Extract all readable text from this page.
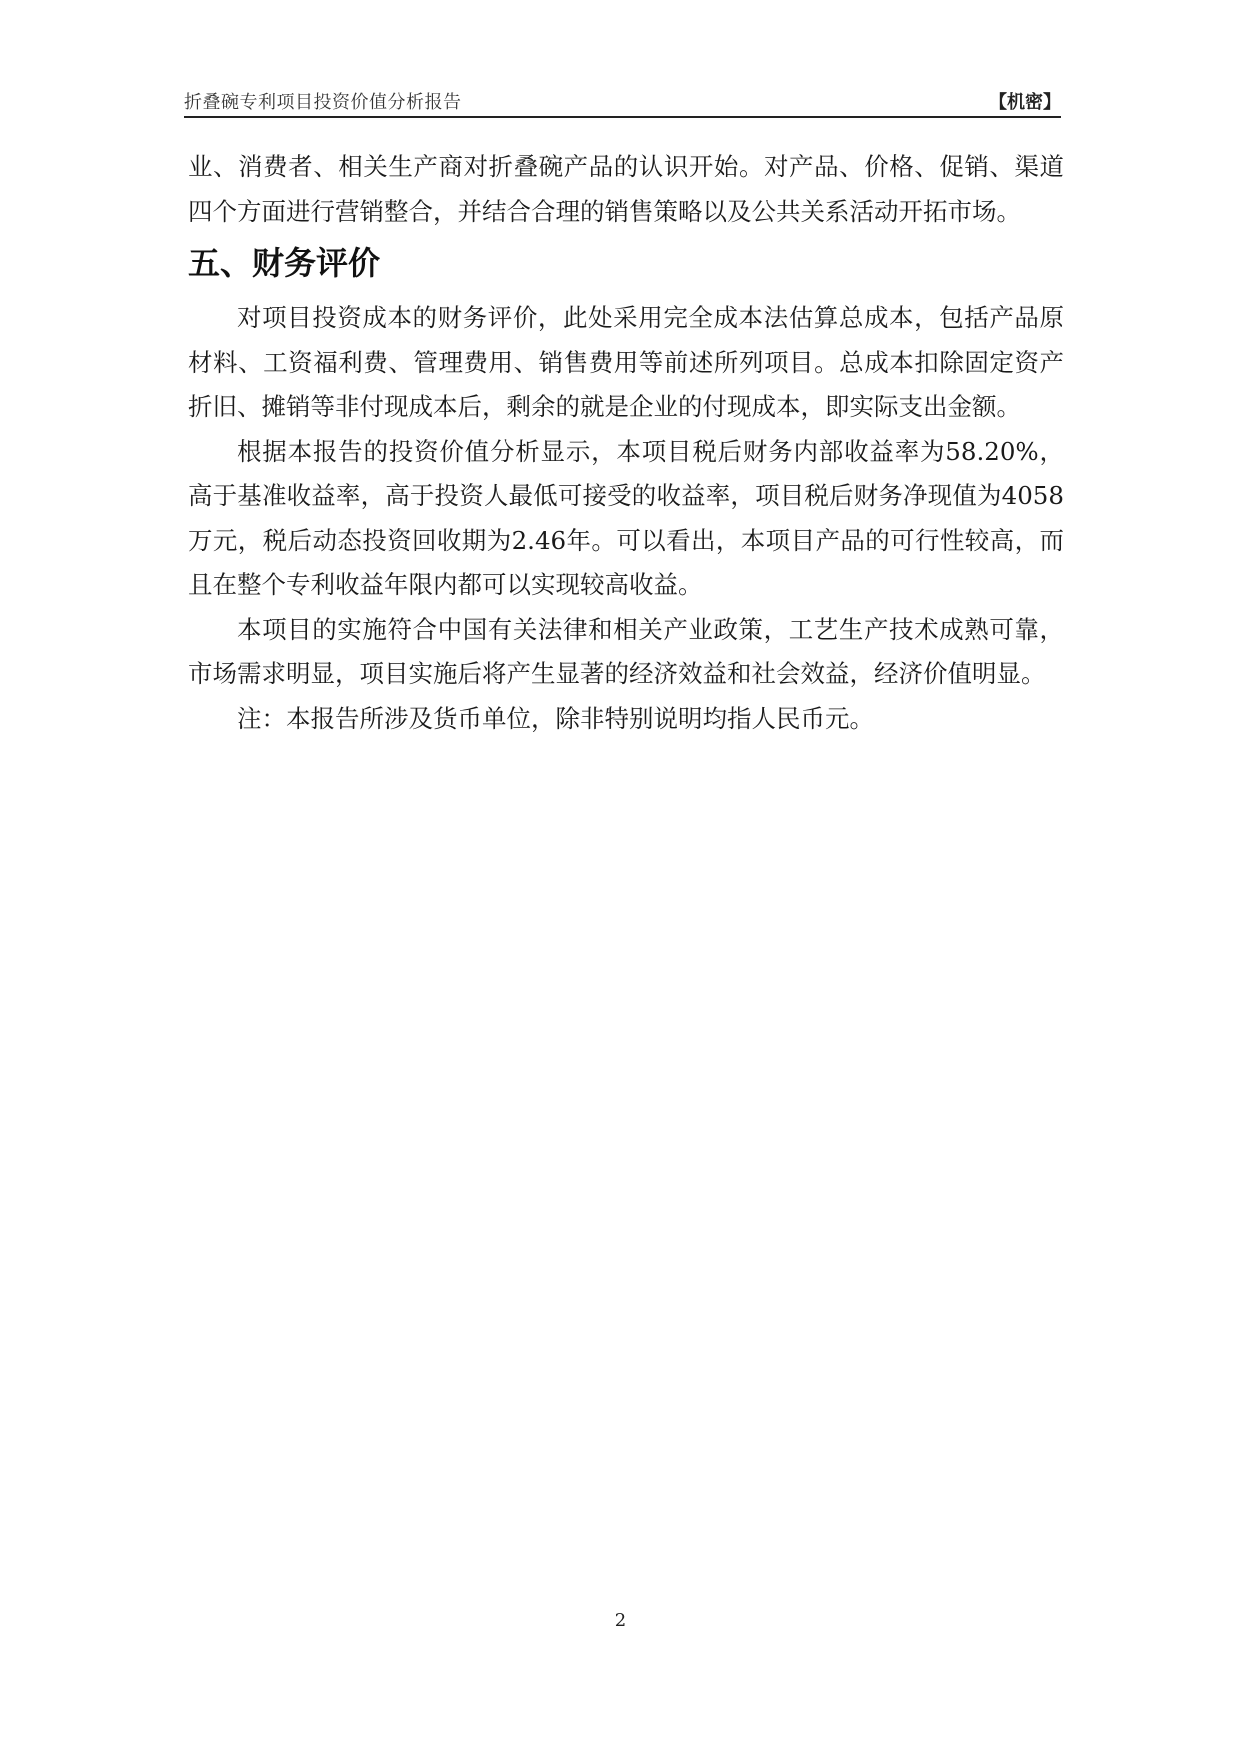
折叠碗专利项目投资价值分析报告	【机密】

业、消费者、相关生产商对折叠碗产品的认识开始。对产品、价格、促销、渠道四个方面进行营销整合，并结合合理的销售策略以及公共关系活动开拓市场。

五、财务评价

对项目投资成本的财务评价，此处采用完全成本法估算总成本，包括产品原材料、工资福利费、管理费用、销售费用等前述所列项目。总成本扣除固定资产折旧、摊销等非付现成本后，剩余的就是企业的付现成本，即实际支出金额。

根据本报告的投资价值分析显示，本项目税后财务内部收益率为58.20%，高于基准收益率，高于投资人最低可接受的收益率，项目税后财务净现值为4058万元，税后动态投资回收期为2.46年。可以看出，本项目产品的可行性较高，而且在整个专利收益年限内都可以实现较高收益。

本项目的实施符合中国有关法律和相关产业政策，工艺生产技术成熟可靠，市场需求明显，项目实施后将产生显著的经济效益和社会效益，经济价值明显。

注：本报告所涉及货币单位，除非特别说明均指人民币元。

2
